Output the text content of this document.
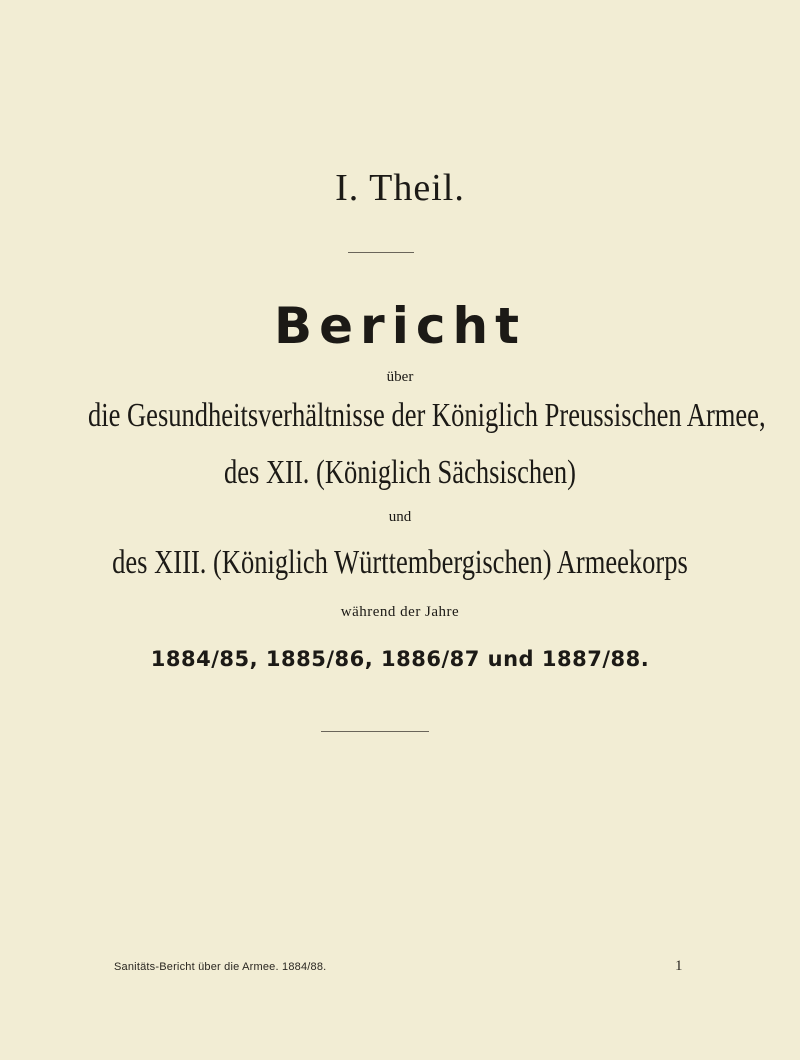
I. Theil.
Bericht
über
die Gesundheitsverhältnisse der Königlich Preussischen Armee,
des XII. (Königlich Sächsischen)
und
des XIII. (Königlich Württembergischen) Armeekorps
während der Jahre
1884/85, 1885/86, 1886/87 und 1887/88.
Sanitäts-Bericht über die Armee. 1884/88.	1
